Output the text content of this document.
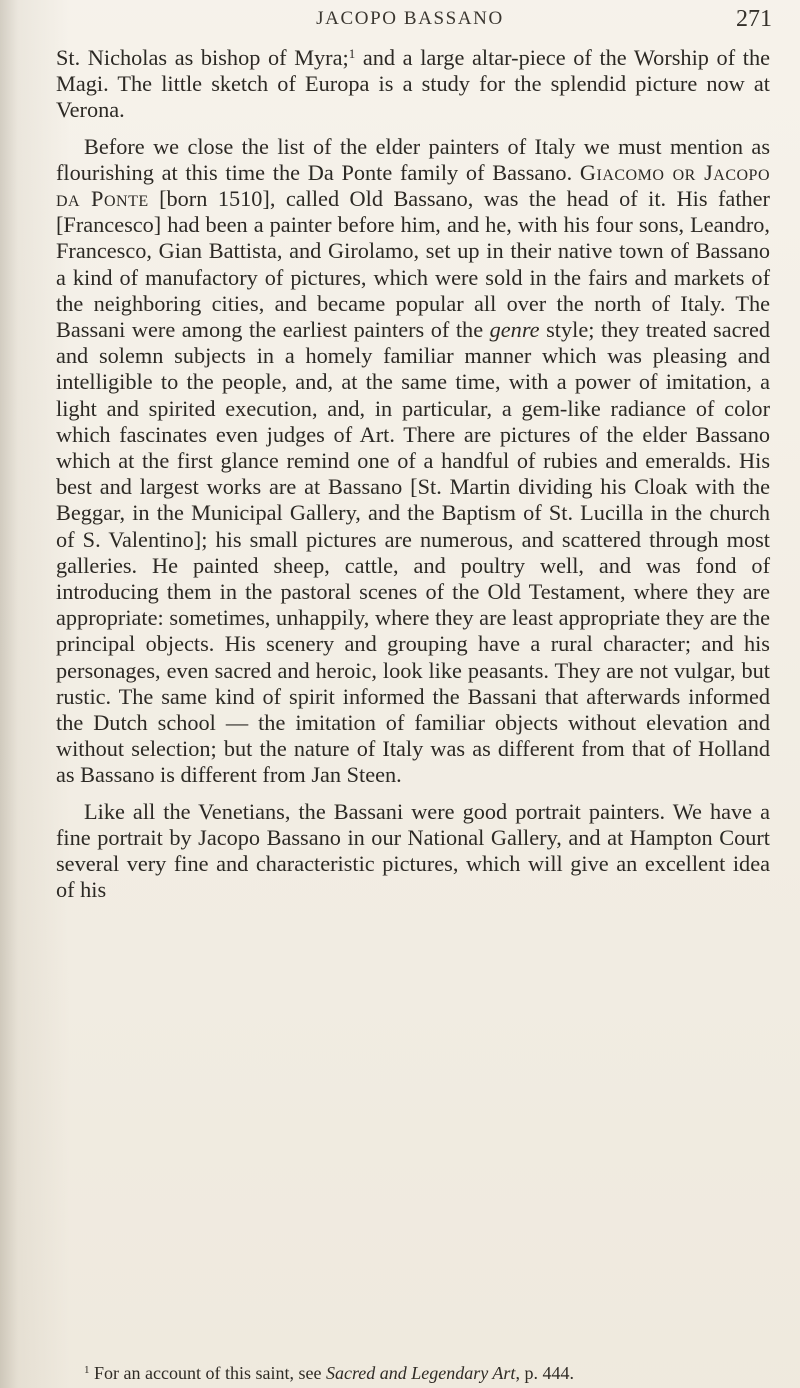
JACOPO BASSANO	271

St. Nicholas as bishop of Myra;$^1$ and a large altar-piece of the Worship of the Magi. The little sketch of Europa is a study for the splendid picture now at Verona.

Before we close the list of the elder painters of Italy we must mention as flourishing at this time the Da Ponte family of Bassano. Giacomo or Jacopo da Ponte [born 1510], called Old Bassano, was the head of it. His father [Francesco] had been a painter before him, and he, with his four sons, Leandro, Francesco, Gian Battista, and Girolamo, set up in their native town of Bassano a kind of manufactory of pictures, which were sold in the fairs and markets of the neighboring cities, and became popular all over the north of Italy. The Bassani were among the earliest painters of the genre style; they treated sacred and solemn subjects in a homely familiar manner which was pleasing and intelligible to the people, and, at the same time, with a power of imitation, a light and spirited execution, and, in particular, a gem-like radiance of color which fascinates even judges of Art. There are pictures of the elder Bassano which at the first glance remind one of a handful of rubies and emeralds. His best and largest works are at Bassano [St. Martin dividing his Cloak with the Beggar, in the Municipal Gallery, and the Baptism of St. Lucilla in the church of S. Valentino]; his small pictures are numerous, and scattered through most galleries. He painted sheep, cattle, and poultry well, and was fond of introducing them in the pastoral scenes of the Old Testament, where they are appropriate: sometimes, unhappily, where they are least appropriate they are the principal objects. His scenery and grouping have a rural character; and his personages, even sacred and heroic, look like peasants. They are not vulgar, but rustic. The same kind of spirit informed the Bassani that afterwards informed the Dutch school — the imitation of familiar objects without elevation and without selection; but the nature of Italy was as different from that of Holland as Bassano is different from Jan Steen.

Like all the Venetians, the Bassani were good portrait painters. We have a fine portrait by Jacopo Bassano in our National Gallery, and at Hampton Court several very fine and characteristic pictures, which will give an excellent idea of his

$^1$ For an account of this saint, see Sacred and Legendary Art, p. 444.
